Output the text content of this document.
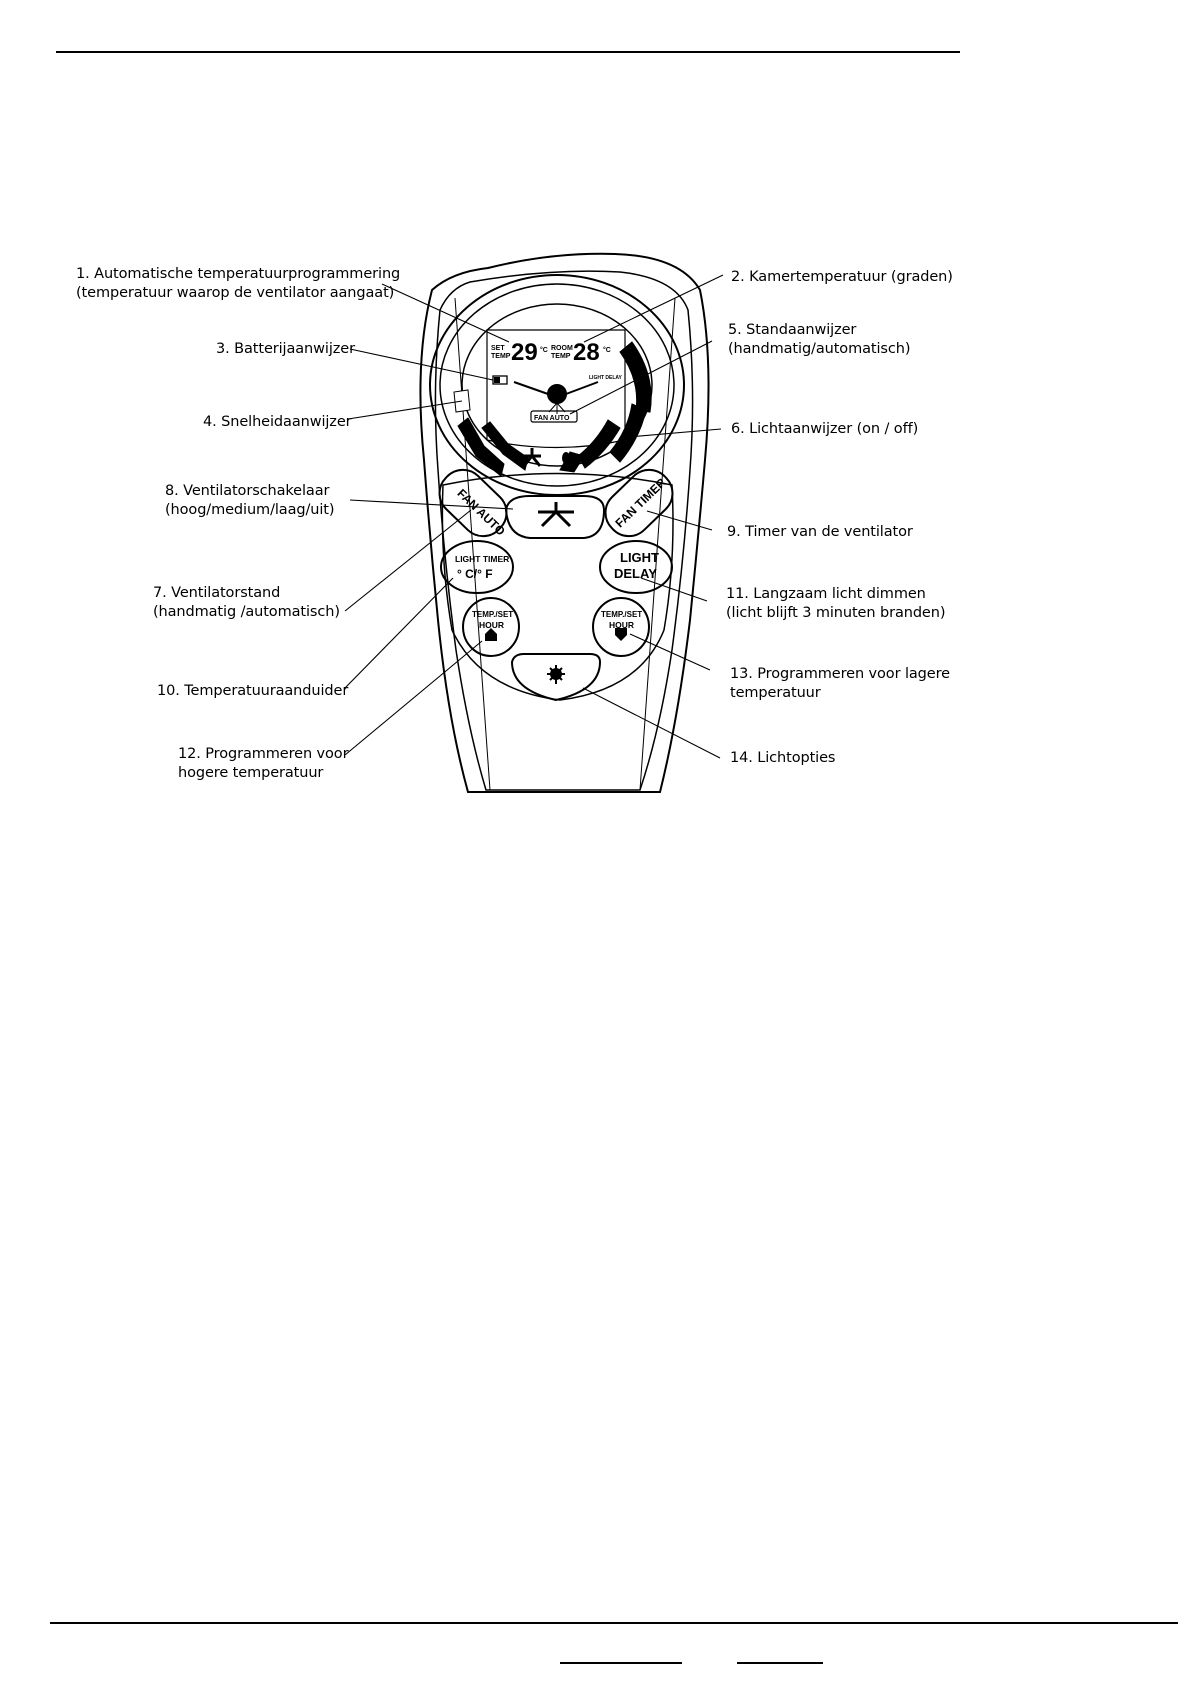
SET
TEMP 29 °C ROOM
TEMP 28 °C
LIGHT DELAY
FAN AUTO
FAN AUTO	FAN TIMER
LIGHT TIMER
° C/° F
LIGHT
DELAY
TEMP./SET
HOUR
TEMP./SET
HOUR
1. Automatische temperatuurprogrammering
(temperatuur waarop de ventilator aangaat)
2. Kamertemperatuur (graden)
3. Batterijaanwijzer
4. Snelheidaanwijzer
5. Standaanwijzer
(handmatig/automatisch)
6. Lichtaanwijzer (on / off)
7. Ventilatorstand
(handmatig /automatisch)
8. Ventilatorschakelaar
(hoog/medium/laag/uit)
9. Timer van de ventilator
10. Temperatuuraanduider
11. Langzaam licht dimmen
(licht blijft 3 minuten branden)
12. Programmeren voor
hogere temperatuur
13. Programmeren voor lagere
temperatuur
14. Lichtopties
